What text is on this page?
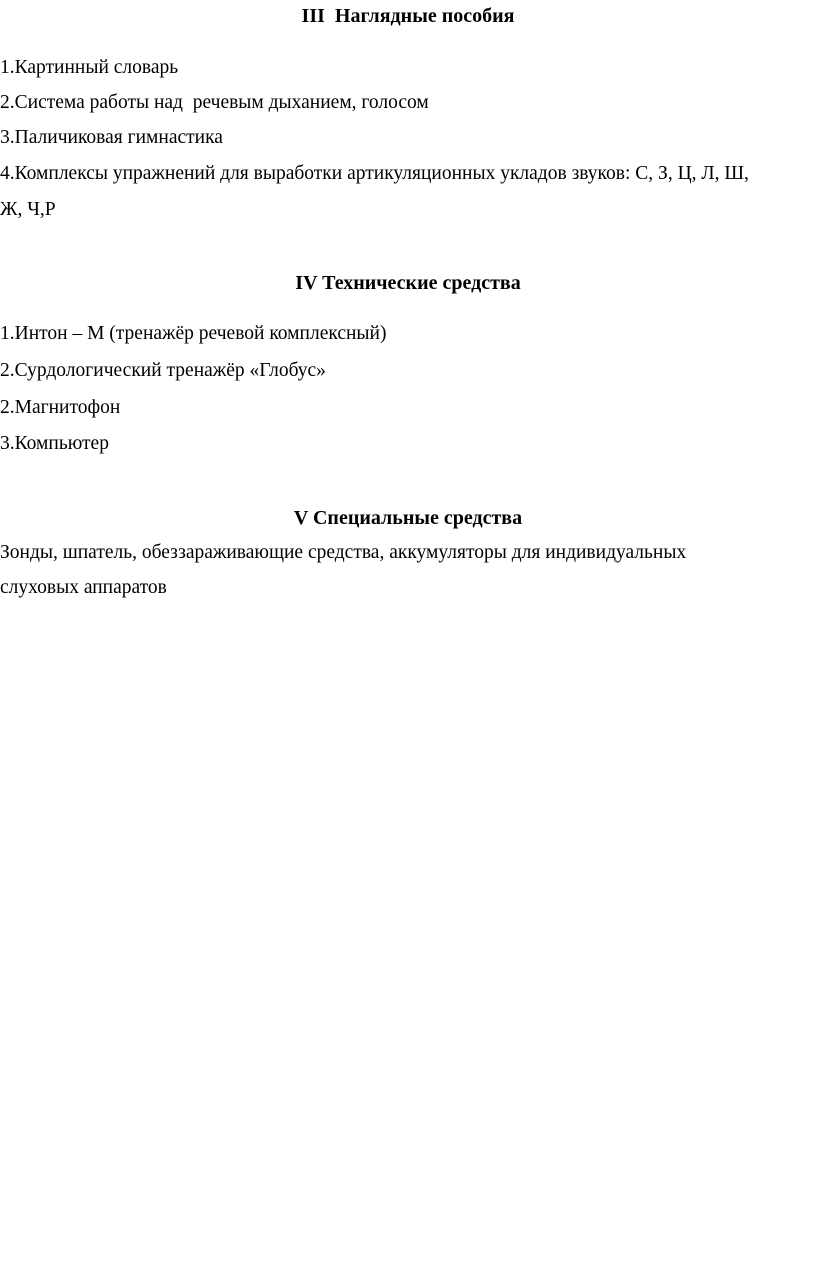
III  Наглядные пособия
1.Картинный словарь
2.Система работы над  речевым дыханием, голосом
3.Паличиковая гимнастика
4.Комплексы упражнений для выработки артикуляционных укладов звуков: С, З, Ц, Л, Ш,
Ж, Ч,Р
IV Технические средства
1.Интон – М (тренажёр речевой комплексный)
2.Сурдологический тренажёр «Глобус»
2.Магнитофон
3.Компьютер
V Специальные средства
Зонды, шпатель, обеззараживающие средства, аккумуляторы для индивидуальных
слуховых аппаратов
